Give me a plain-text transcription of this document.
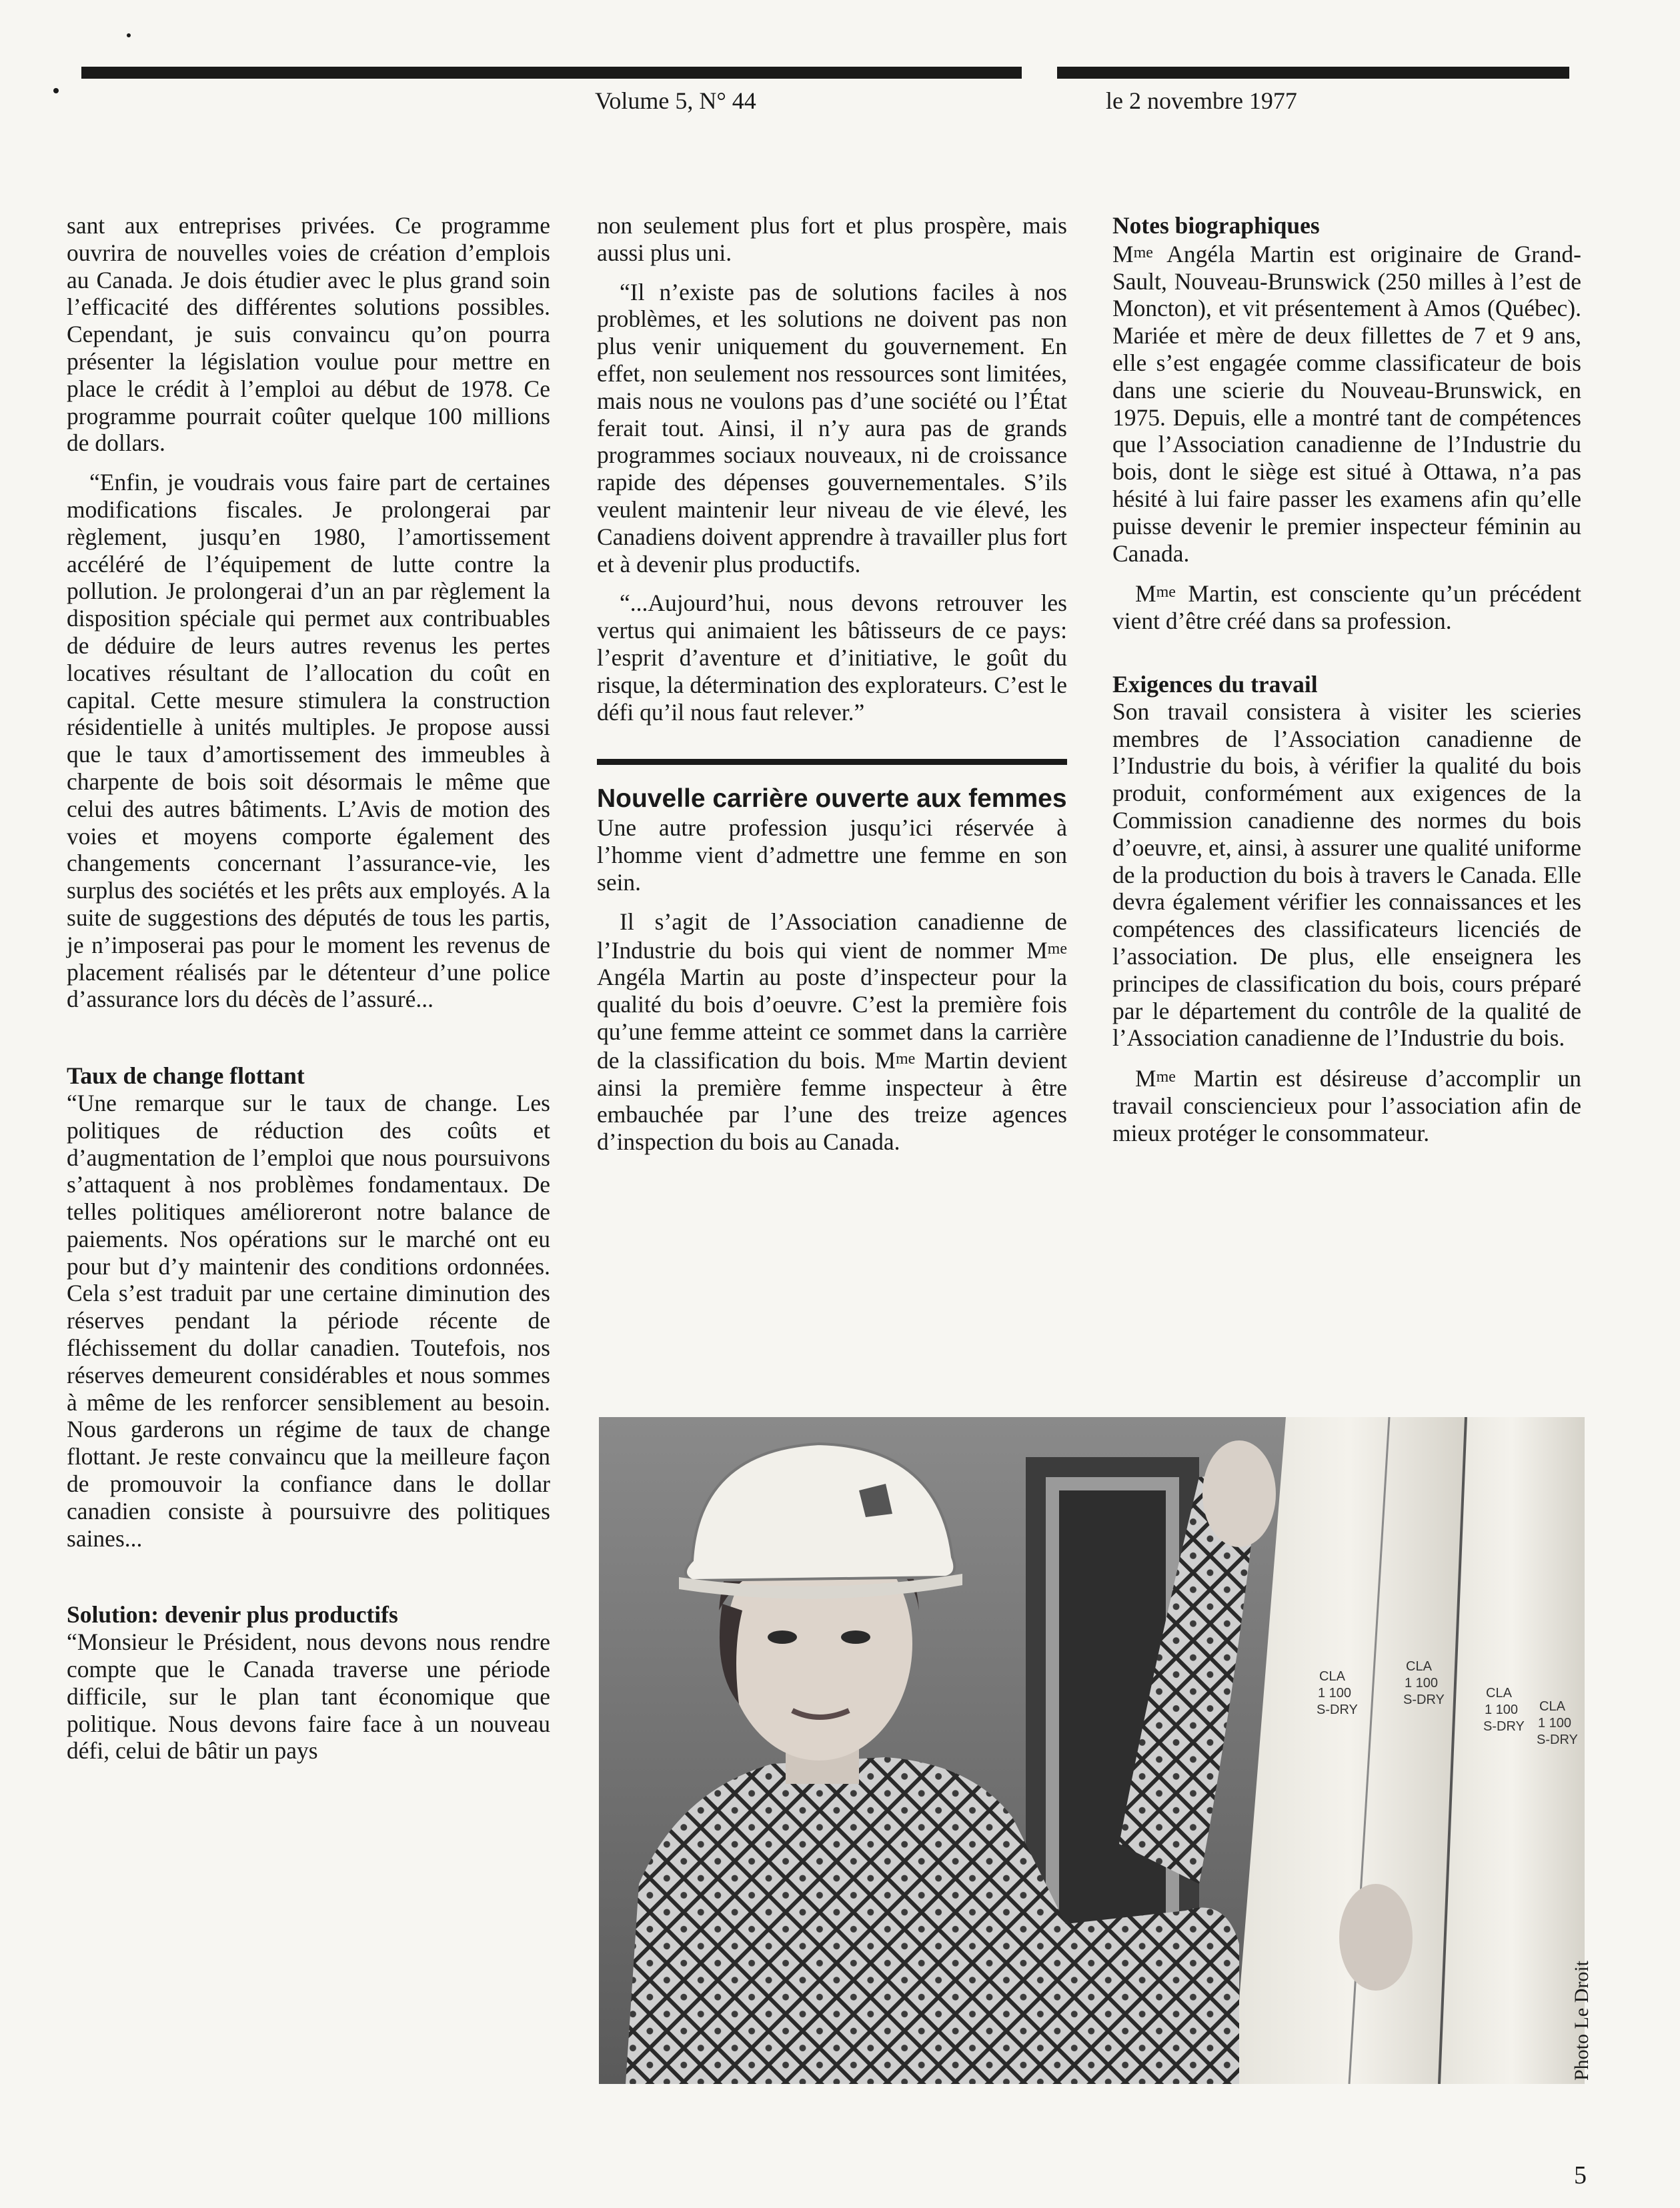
Volume 5, N° 44	le 2 novembre 1977

sant aux entreprises privées. Ce programme ouvrira de nouvelles voies de création d’emplois au Canada. Je dois étudier avec le plus grand soin l’efficacité des différentes solutions possibles. Cependant, je suis convaincu qu’on pourra présenter la législation voulue pour mettre en place le crédit à l’emploi au début de 1978. Ce programme pourrait coûter quelque 100 millions de dollars.

“Enfin, je voudrais vous faire part de certaines modifications fiscales. Je prolongerai par règlement, jusqu’en 1980, l’amortissement accéléré de l’équipement de lutte contre la pollution. Je prolongerai d’un an par règlement la disposition spéciale qui permet aux contribuables de déduire de leurs autres revenus les pertes locatives résultant de l’allocation du coût en capital. Cette mesure stimulera la construction résidentielle à unités multiples. Je propose aussi que le taux d’amortissement des immeubles à charpente de bois soit désormais le même que celui des autres bâtiments. L’Avis de motion des voies et moyens comporte également des changements concernant l’assurance-vie, les surplus des sociétés et les prêts aux employés. A la suite de suggestions des députés de tous les partis, je n’imposerai pas pour le moment les revenus de placement réalisés par le détenteur d’une police d’assurance lors du décès de l’assuré...

Taux de change flottant

“Une remarque sur le taux de change. Les politiques de réduction des coûts et d’augmentation de l’emploi que nous poursuivons s’attaquent à nos problèmes fondamentaux. De telles politiques amélioreront notre balance de paiements. Nos opérations sur le marché ont eu pour but d’y maintenir des conditions ordonnées. Cela s’est traduit par une certaine diminution des réserves pendant la période récente de fléchissement du dollar canadien. Toutefois, nos réserves demeurent considérables et nous sommes à même de les renforcer sensiblement au besoin. Nous garderons un régime de taux de change flottant. Je reste convaincu que la meilleure façon de promouvoir la confiance dans le dollar canadien consiste à poursuivre des politiques saines...

Solution: devenir plus productifs

“Monsieur le Président, nous devons nous rendre compte que le Canada traverse une période difficile, sur le plan tant économique que politique. Nous devons faire face à un nouveau défi, celui de bâtir un pays

non seulement plus fort et plus prospère, mais aussi plus uni.

“Il n’existe pas de solutions faciles à nos problèmes, et les solutions ne doivent pas non plus venir uniquement du gouvernement. En effet, non seulement nos ressources sont limitées, mais nous ne voulons pas d’une société ou l’État ferait tout. Ainsi, il n’y aura pas de grands programmes sociaux nouveaux, ni de croissance rapide des dépenses gouvernementales. S’ils veulent maintenir leur niveau de vie élevé, les Canadiens doivent apprendre à travailler plus fort et à devenir plus productifs.

“...Aujourd’hui, nous devons retrouver les vertus qui animaient les bâtisseurs de ce pays: l’esprit d’aventure et d’initiative, le goût du risque, la détermination des explorateurs. C’est le défi qu’il nous faut relever.”

Nouvelle carrière ouverte aux femmes

Une autre profession jusqu’ici réservée à l’homme vient d’admettre une femme en son sein.

Il s’agit de l’Association canadienne de l’Industrie du bois qui vient de nommer $M^{me}$ Angéla Martin au poste d’inspecteur pour la qualité du bois d’oeuvre. C’est la première fois qu’une femme atteint ce sommet dans la carrière de la classification du bois. $M^{me}$ Martin devient ainsi la première femme inspecteur à être embauchée par l’une des treize agences d’inspection du bois au Canada.

Notes biographiques

$M^{me}$ Angéla Martin est originaire de Grand-Sault, Nouveau-Brunswick (250 milles à l’est de Moncton), et vit présentement à Amos (Québec). Mariée et mère de deux fillettes de 7 et 9 ans, elle s’est engagée comme classificateur de bois dans une scierie du Nouveau-Brunswick, en 1975. Depuis, elle a montré tant de compétences que l’Association canadienne de l’Industrie du bois, dont le siège est situé à Ottawa, n’a pas hésité à lui faire passer les examens afin qu’elle puisse devenir le premier inspecteur féminin au Canada.

$M^{me}$ Martin, est consciente qu’un précédent vient d’être créé dans sa profession.

Exigences du travail

Son travail consistera à visiter les scieries membres de l’Association canadienne de l’Industrie du bois, à vérifier la qualité du bois produit, conformément aux exigences de la Commission canadienne des normes du bois d’oeuvre, et, ainsi, à assurer une qualité uniforme de la production du bois à travers le Canada. Elle devra également vérifier les connaissances et les compétences des classificateurs licenciés de l’association. De plus, elle enseignera les principes de classification du bois, cours préparé par le département du contrôle de la qualité de l’Association canadienne de l’Industrie du bois.

$M^{me}$ Martin est désireuse d’accomplir un travail consciencieux pour l’association afin de mieux protéger le consommateur.

CLA
1 100
S-DRY
CLA
1 100
S-DRY	CLA
1 100
S-DRY
CLA
1 100
S-DRY
Photo Le Droit
5
